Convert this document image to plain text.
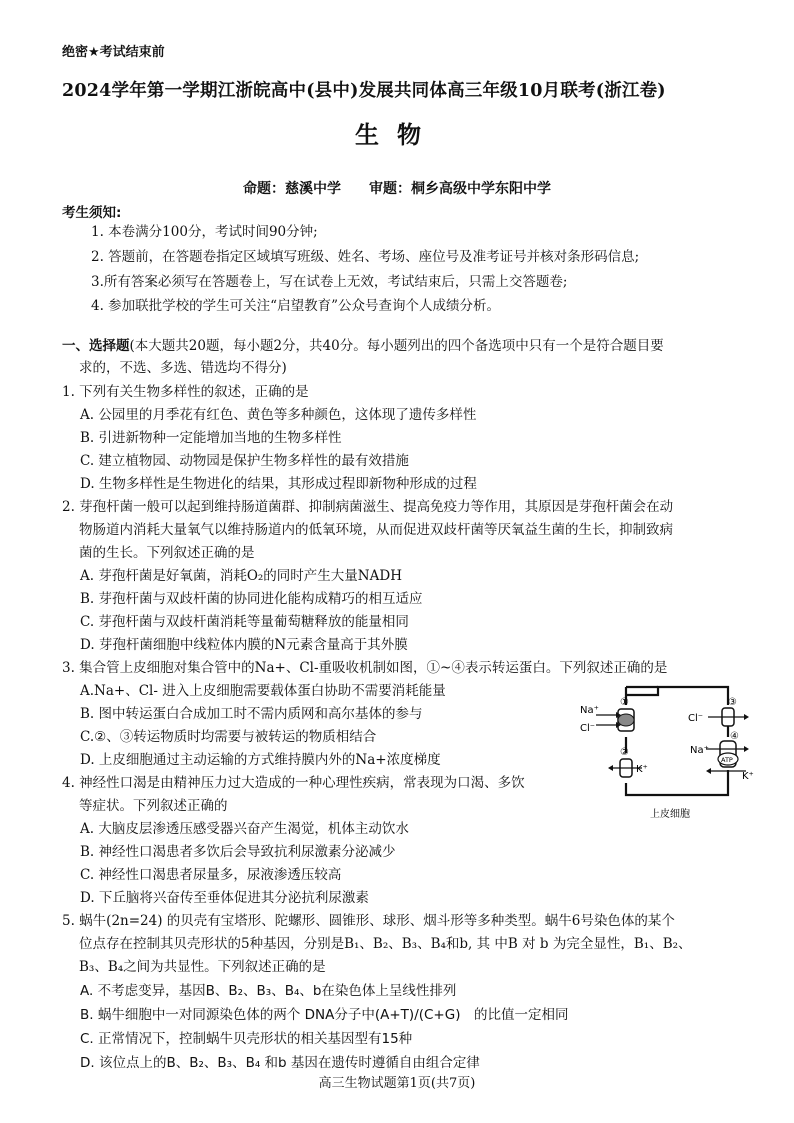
绝密★考试结束前
2024学年第一学期江浙皖高中(县中)发展共同体高三年级10月联考(浙江卷)
生物
命题：慈溪中学　　审题：桐乡高级中学东阳中学
考生须知:
1. 本卷满分100分，考试时间90分钟;
2. 答题前，在答题卷指定区域填写班级、姓名、考场、座位号及准考证号并核对条形码信息;
3.所有答案必须写在答题卷上，写在试卷上无效，考试结束后，只需上交答题卷;
4. 参加联批学校的学生可关注“启望教育”公众号查询个人成绩分析。
一、选择题(本大题共20题，每小题2分，共40分。每小题列出的四个备选项中只有一个是符合题目要
求的，不选、多选、错选均不得分)
1. 下列有关生物多样性的叙述，正确的是
A. 公园里的月季花有红色、黄色等多种颜色，这体现了遗传多样性
B. 引进新物种一定能增加当地的生物多样性
C. 建立植物园、动物园是保护生物多样性的最有效措施
D. 生物多样性是生物进化的结果，其形成过程即新物种形成的过程
2. 芽孢杆菌一般可以起到维持肠道菌群、抑制病菌滋生、提高免疫力等作用，其原因是芽孢杆菌会在动
物肠道内消耗大量氧气以维持肠道内的低氧环境，从而促进双歧杆菌等厌氧益生菌的生长，抑制致病
菌的生长。下列叙述正确的是
A. 芽孢杆菌是好氧菌，消耗O₂的同时产生大量NADH
B. 芽孢杆菌与双歧杆菌的协同进化能构成精巧的相互适应
C. 芽孢杆菌与双歧杆菌消耗等量葡萄糖释放的能量相同
D. 芽孢杆菌细胞中线粒体内膜的N元素含量高于其外膜
3. 集合管上皮细胞对集合管中的Na+、Cl-重吸收机制如图，①~④表示转运蛋白。下列叙述正确的是
A.Na+、Cl- 进入上皮细胞需要载体蛋白协助不需要消耗能量
B. 图中转运蛋白合成加工时不需内质网和高尔基体的参与
C.②、③转运物质时均需要与被转运的物质相结合
D. 上皮细胞通过主动运输的方式维持膜内外的Na+浓度梯度
4. 神经性口渴是由精神压力过大造成的一种心理性疾病，常表现为口渴、多饮
等症状。下列叙述正确的
A. 大脑皮层渗透压感受器兴奋产生渴觉，机体主动饮水
B. 神经性口渴患者多饮后会导致抗利尿激素分泌减少
C. 神经性口渴患者尿量多，尿液渗透压较高
D. 下丘脑将兴奋传至垂体促进其分泌抗利尿激素
5. 蜗牛(2n=24) 的贝壳有宝塔形、陀螺形、圆锥形、球形、烟斗形等多种类型。蜗牛6号染色体的某个
位点存在控制其贝壳形状的5种基因，分别是B₁、B₂、B₃、B₄和b, 其 中B 对 b 为完全显性，B₁、B₂、
B₃、B₄之间为共显性。下列叙述正确的是
A. 不考虑变异，基因B、B₂、B₃、B₄、b在染色体上呈线性排列
B. 蜗牛细胞中一对同源染色体的两个 DNA分子中(A+T)/(C+G)　的比值一定相同
C. 正常情况下，控制蜗牛贝壳形状的相关基因型有15种
D. 该位点上的B、B₂、B₃、B₄ 和b 基因在遗传时遵循自由组合定律
Na⁺
Cl⁻
①
②
K⁺
③
Cl⁻
ATP
④
Na⁺
K⁺
上皮细胞
高三生物试题第1页(共7页)
